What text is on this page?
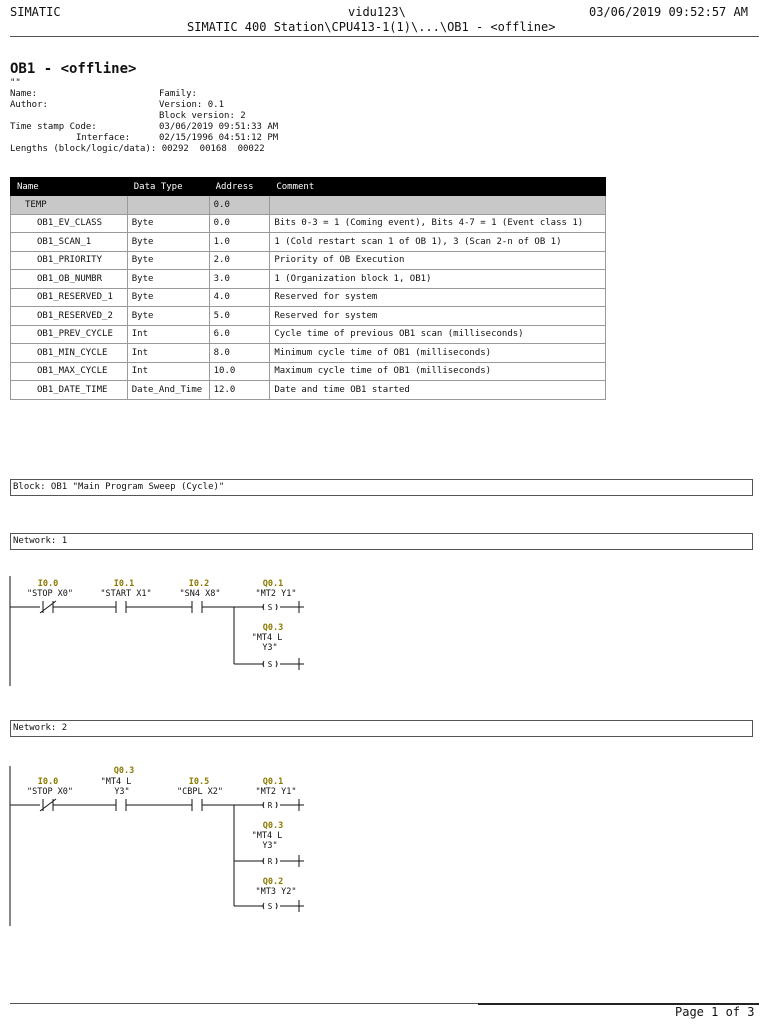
SIMATIC	vidu123\
SIMATIC 400 Station\CPU413-1(1)\...\OB1 - <offline>
03/06/2019 09:52:57 AM
OB1 - <offline>
""
Name:	Family:
Author:	Version: 0.1
Block version: 2
Time stamp Code:	03/06/2019 09:51:33 AM
Interface:	02/15/1996 04:51:12 PM
Lengths (block/logic/data): 00292  00168  00022
Name	Data Type	Address	Comment
TEMP		0.0	
OB1_EV_CLASS	Byte	0.0	Bits 0-3 = 1 (Coming event), Bits 4-7 = 1 (Event class 1)
OB1_SCAN_1	Byte	1.0	1 (Cold restart scan 1 of OB 1), 3 (Scan 2-n of OB 1)
OB1_PRIORITY	Byte	2.0	Priority of OB Execution
OB1_OB_NUMBR	Byte	3.0	1 (Organization block 1, OB1)
OB1_RESERVED_1	Byte	4.0	Reserved for system
OB1_RESERVED_2	Byte	5.0	Reserved for system
OB1_PREV_CYCLE	Int	6.0	Cycle time of previous OB1 scan (milliseconds)
OB1_MIN_CYCLE	Int	8.0	Minimum cycle time of OB1 (milliseconds)
OB1_MAX_CYCLE	Int	10.0	Maximum cycle time of OB1 (milliseconds)
OB1_DATE_TIME	Date_And_Time	12.0	Date and time OB1 started
Block: OB1 "Main Program Sweep (Cycle)"
Network: 1
I0.0
"STOP X0"
I0.1
"START X1"
I0.2
"SN4 X8"
Q0.1
"MT2 Y1"
S
Q0.3
"MT4 L
Y3"
S
Network: 2
I0.0
"STOP X0"
Q0.3
"MT4 L
Y3"
I0.5
"CBPL X2"
Q0.1
"MT2 Y1"
R
Q0.3
"MT4 L
Y3"
R
Q0.2
"MT3 Y2"
S
Page 1 of 3
